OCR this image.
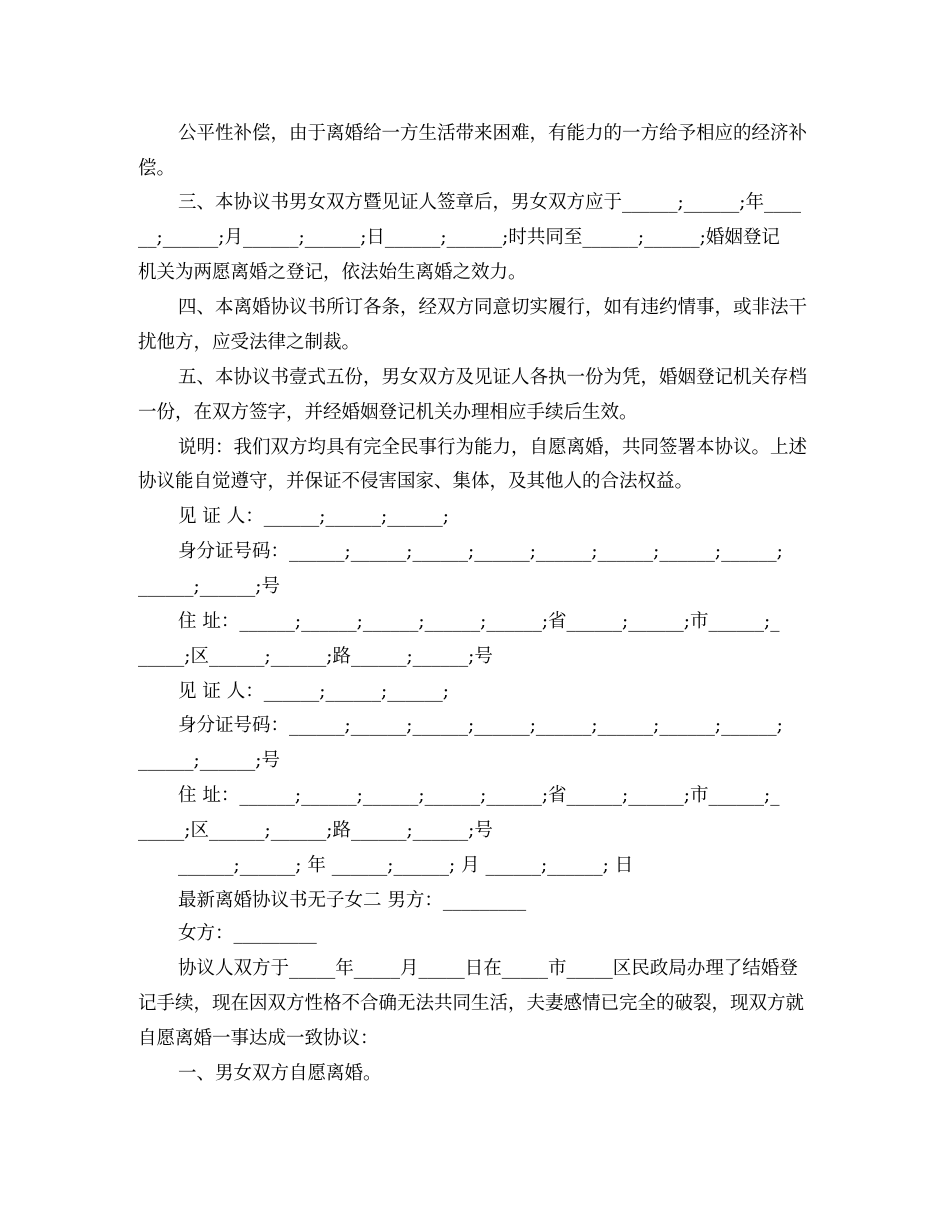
公平性补偿，由于离婚给一方生活带来困难，有能力的一方给予相应的经济补

偿。

三、本协议书男女双方暨见证人签章后，男女双方应于______;______;年____

__;______;月______;______;日______;______;时共同至______;______;婚姻登记

机关为两愿离婚之登记，依法始生离婚之效力。

四、本离婚协议书所订各条，经双方同意切实履行，如有违约情事，或非法干

扰他方，应受法律之制裁。

五、本协议书壹式五份，男女双方及见证人各执一份为凭，婚姻登记机关存档

一份，在双方签字，并经婚姻登记机关办理相应手续后生效。

说明：我们双方均具有完全民事行为能力，自愿离婚，共同签署本协议。上述

协议能自觉遵守，并保证不侵害国家、集体，及其他人的合法权益。

见 证 人：______;______;______;

身分证号码：______;______;______;______;______;______;______;______;

______;______;号

住 址：______;______;______;______;______;省______;______;市______;_

_____;区______;______;路______;______;号

见 证 人：______;______;______;

身分证号码：______;______;______;______;______;______;______;______;

______;______;号

住 址：______;______;______;______;______;省______;______;市______;_

_____;区______;______;路______;______;号

______;______; 年 ______;______; 月 ______;______; 日

最新离婚协议书无子女二 男方：_________

女方：_________

协议人双方于_____年_____月_____日在_____市_____区民政局办理了结婚登

记手续，现在因双方性格不合确无法共同生活，夫妻感情已完全的破裂，现双方就

自愿离婚一事达成一致协议：

一、男女双方自愿离婚。
